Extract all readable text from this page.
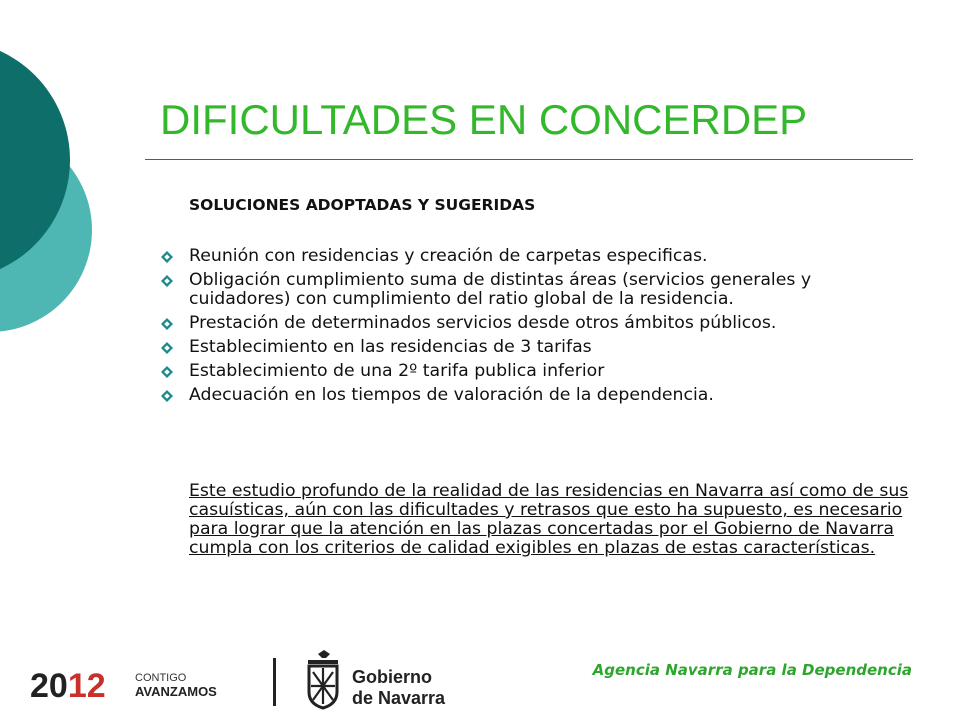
DIFICULTADES EN CONCERDEP
SOLUCIONES ADOPTADAS Y SUGERIDAS
Reunión con residencias y creación de carpetas especificas.
Obligación cumplimiento suma de distintas áreas (servicios generales y cuidadores) con cumplimiento del ratio global de la residencia.
Prestación de determinados servicios desde otros ámbitos públicos.
Establecimiento en las residencias de 3 tarifas
Establecimiento de una 2º tarifa publica inferior
Adecuación en los tiempos de valoración de la dependencia.
Este estudio profundo de la realidad de las residencias en Navarra así como de sus casuísticas, aún con las dificultades y retrasos que esto ha supuesto, es necesario para lograr que la atención en las plazas concertadas por el Gobierno de Navarra cumpla con los criterios de calidad exigibles en plazas de estas características.
2012	CONTIGO
AVANZAMOS
Gobierno
de Navarra
Agencia Navarra para la Dependencia
